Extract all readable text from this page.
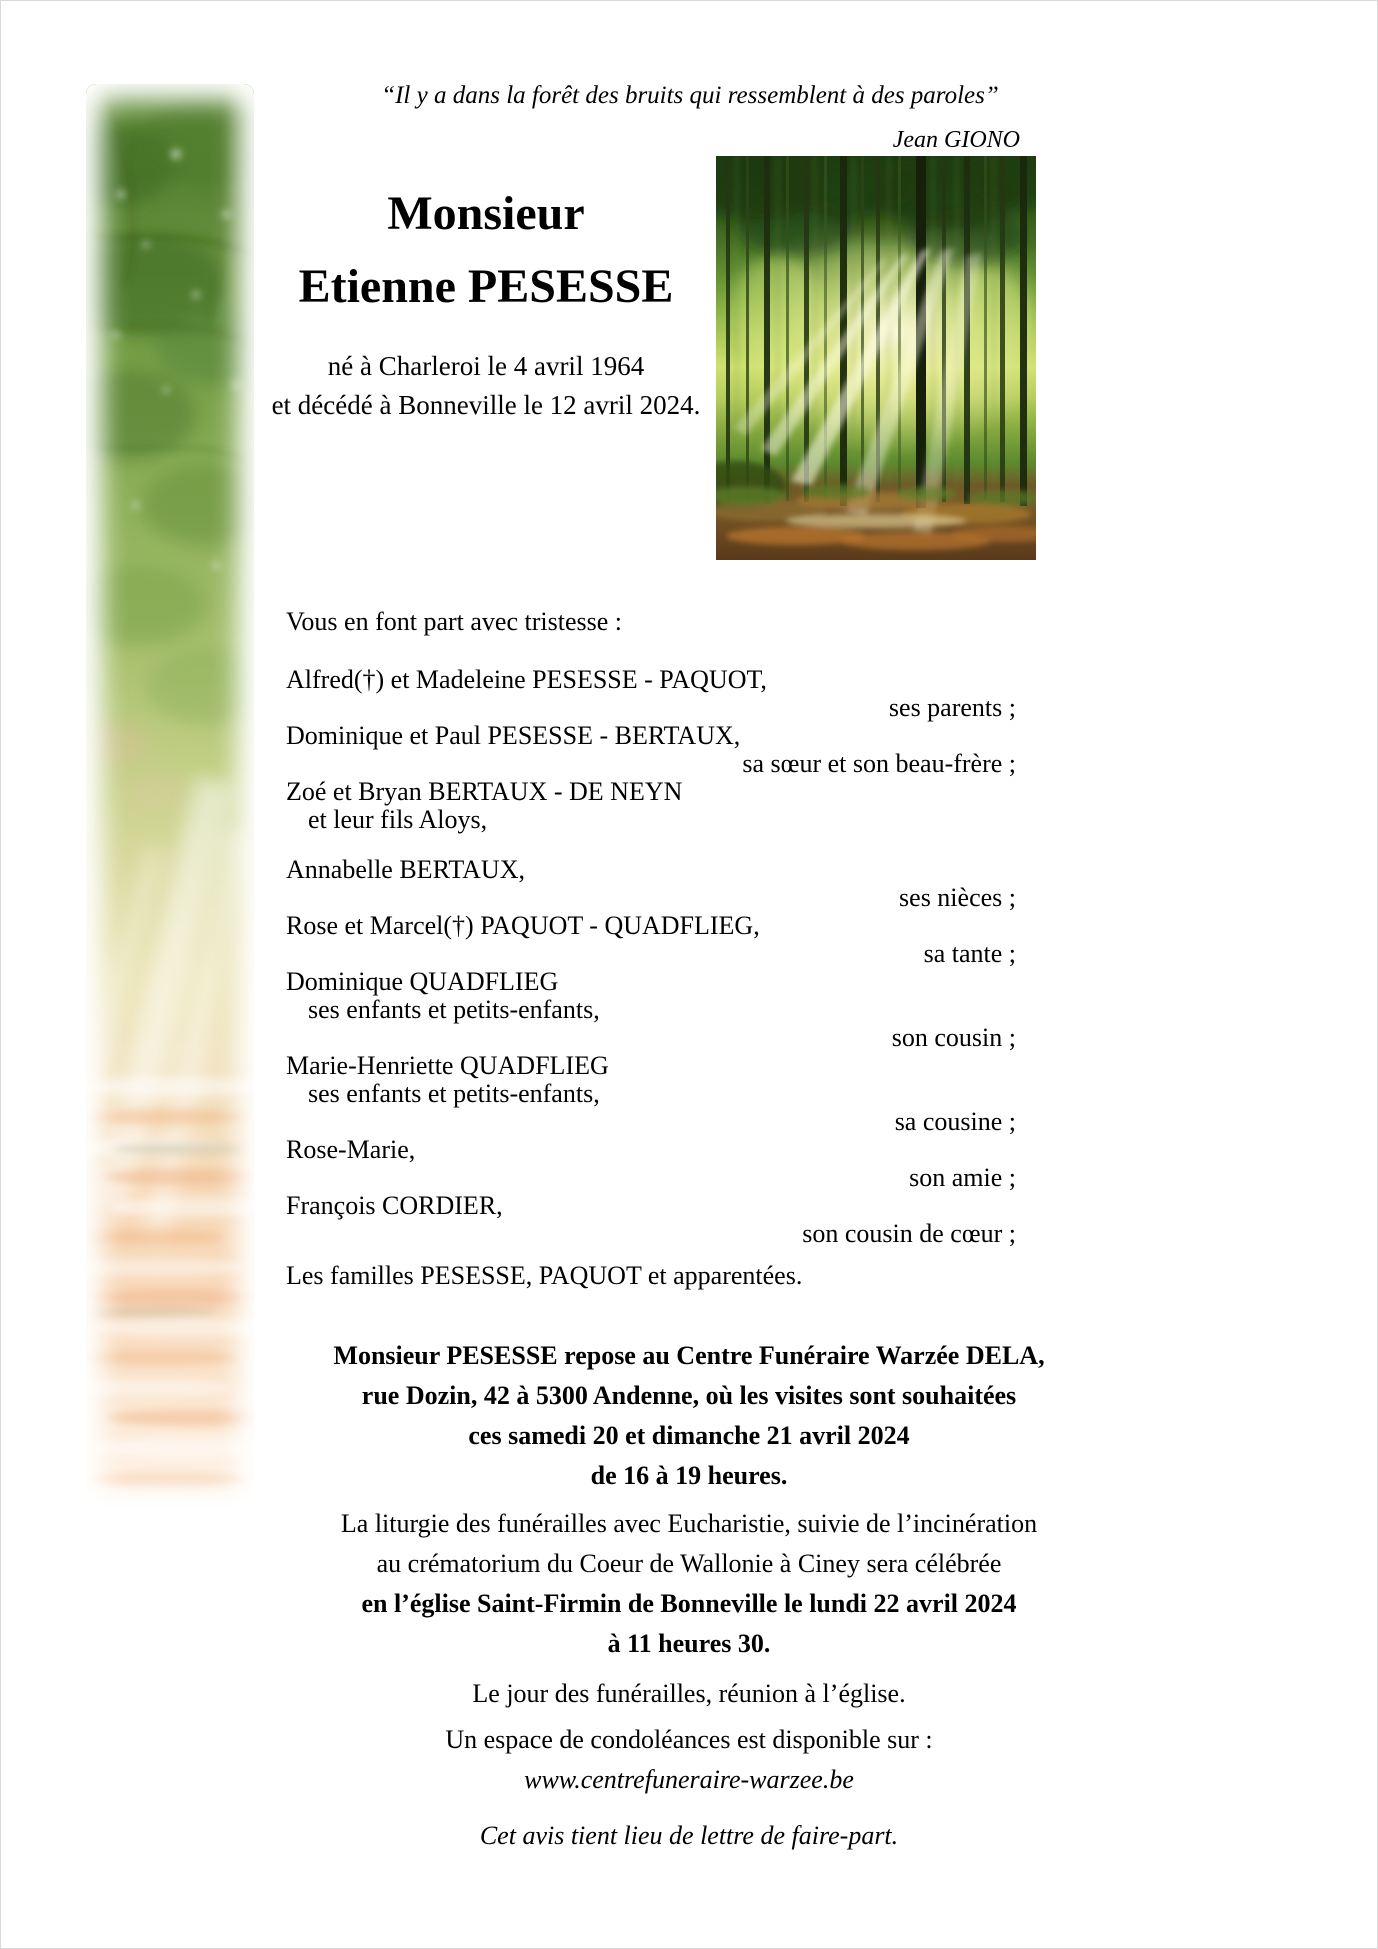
“Il y a dans la forêt des bruits qui ressemblent à des paroles”
Jean GIONO
Monsieur
Etienne PESESSE
né à Charleroi le 4 avril 1964
et décédé à Bonneville le 12 avril 2024.
Vous en font part avec tristesse :
Alfred(†) et Madeleine PESESSE - PAQUOT,
ses parents ;
Dominique et Paul PESESSE - BERTAUX,
sa sœur et son beau-frère ;
Zoé et Bryan BERTAUX - DE NEYN
et leur fils Aloys,
Annabelle BERTAUX,
ses nièces ;
Rose et Marcel(†) PAQUOT - QUADFLIEG,
sa tante ;
Dominique QUADFLIEG
ses enfants et petits-enfants,
son cousin ;
Marie-Henriette QUADFLIEG
ses enfants et petits-enfants,
sa cousine ;
Rose-Marie,
son amie ;
François CORDIER,
son cousin de cœur ;
Les familles PESESSE, PAQUOT et apparentées.
Monsieur PESESSE repose au Centre Funéraire Warzée DELA,
rue Dozin, 42 à 5300 Andenne, où les visites sont souhaitées
ces samedi 20 et dimanche 21 avril 2024
de 16 à 19 heures.
La liturgie des funérailles avec Eucharistie, suivie de l’incinération
au crématorium du Coeur de Wallonie à Ciney sera célébrée
en l’église Saint-Firmin de Bonneville le lundi 22 avril 2024
à 11 heures 30.
Le jour des funérailles, réunion à l’église.
Un espace de condoléances est disponible sur :
www.centrefuneraire-warzee.be
Cet avis tient lieu de lettre de faire-part.
